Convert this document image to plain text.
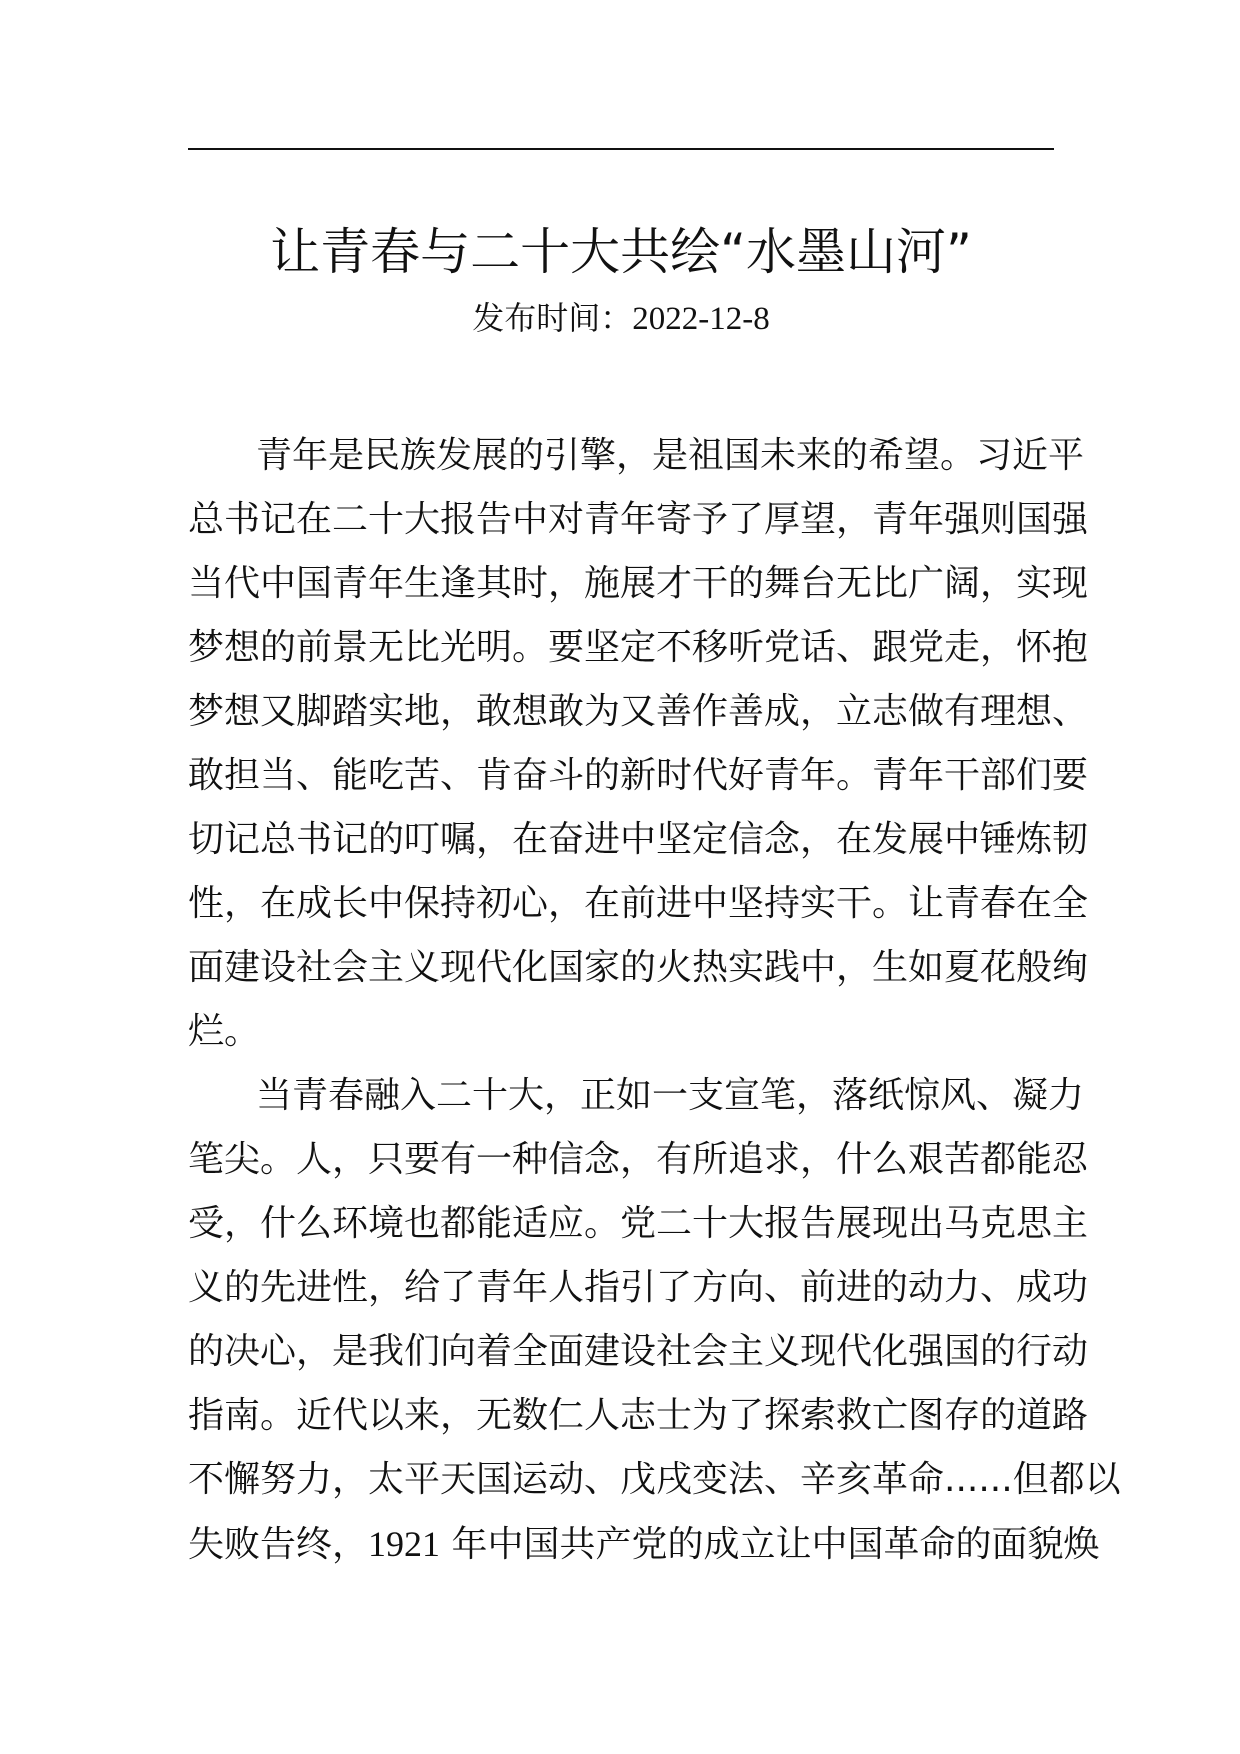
让青春与二十大共绘“水墨山河”
发布时间：2022-12-8
青年是民族发展的引擎，是祖国未来的希望。习近平
总书记在二十大报告中对青年寄予了厚望，青年强则国强
当代中国青年生逢其时，施展才干的舞台无比广阔，实现
梦想的前景无比光明。要坚定不移听党话、跟党走，怀抱
梦想又脚踏实地，敢想敢为又善作善成，立志做有理想、
敢担当、能吃苦、肯奋斗的新时代好青年。青年干部们要
切记总书记的叮嘱，在奋进中坚定信念，在发展中锤炼韧
性，在成长中保持初心，在前进中坚持实干。让青春在全
面建设社会主义现代化国家的火热实践中，生如夏花般绚
烂。
当青春融入二十大，正如一支宣笔，落纸惊风、凝力
笔尖。人，只要有一种信念，有所追求，什么艰苦都能忍
受，什么环境也都能适应。党二十大报告展现出马克思主
义的先进性，给了青年人指引了方向、前进的动力、成功
的决心，是我们向着全面建设社会主义现代化强国的行动
指南。近代以来，无数仁人志士为了探索救亡图存的道路
不懈努力，太平天国运动、戊戌变法、辛亥革命......但都以
失败告终，1921 年中国共产党的成立让中国革命的面貌焕
